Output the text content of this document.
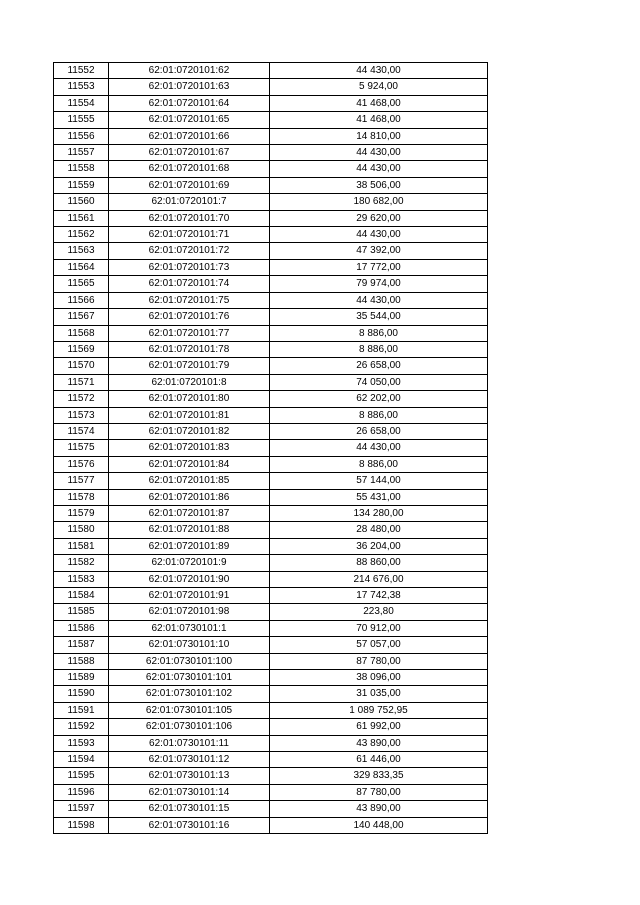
11552	62:01:0720101:62	44 430,00
11553	62:01:0720101:63	5 924,00
11554	62:01:0720101:64	41 468,00
11555	62:01:0720101:65	41 468,00
11556	62:01:0720101:66	14 810,00
11557	62:01:0720101:67	44 430,00
11558	62:01:0720101:68	44 430,00
11559	62:01:0720101:69	38 506,00
11560	62:01:0720101:7	180 682,00
11561	62:01:0720101:70	29 620,00
11562	62:01:0720101:71	44 430,00
11563	62:01:0720101:72	47 392,00
11564	62:01:0720101:73	17 772,00
11565	62:01:0720101:74	79 974,00
11566	62:01:0720101:75	44 430,00
11567	62:01:0720101:76	35 544,00
11568	62:01:0720101:77	8 886,00
11569	62:01:0720101:78	8 886,00
11570	62:01:0720101:79	26 658,00
11571	62:01:0720101:8	74 050,00
11572	62:01:0720101:80	62 202,00
11573	62:01:0720101:81	8 886,00
11574	62:01:0720101:82	26 658,00
11575	62:01:0720101:83	44 430,00
11576	62:01:0720101:84	8 886,00
11577	62:01:0720101:85	57 144,00
11578	62:01:0720101:86	55 431,00
11579	62:01:0720101:87	134 280,00
11580	62:01:0720101:88	28 480,00
11581	62:01:0720101:89	36 204,00
11582	62:01:0720101:9	88 860,00
11583	62:01:0720101:90	214 676,00
11584	62:01:0720101:91	17 742,38
11585	62:01:0720101:98	223,80
11586	62:01:0730101:1	70 912,00
11587	62:01:0730101:10	57 057,00
11588	62:01:0730101:100	87 780,00
11589	62:01:0730101:101	38 096,00
11590	62:01:0730101:102	31 035,00
11591	62:01:0730101:105	1 089 752,95
11592	62:01:0730101:106	61 992,00
11593	62:01:0730101:11	43 890,00
11594	62:01:0730101:12	61 446,00
11595	62:01:0730101:13	329 833,35
11596	62:01:0730101:14	87 780,00
11597	62:01:0730101:15	43 890,00
11598	62:01:0730101:16	140 448,00
